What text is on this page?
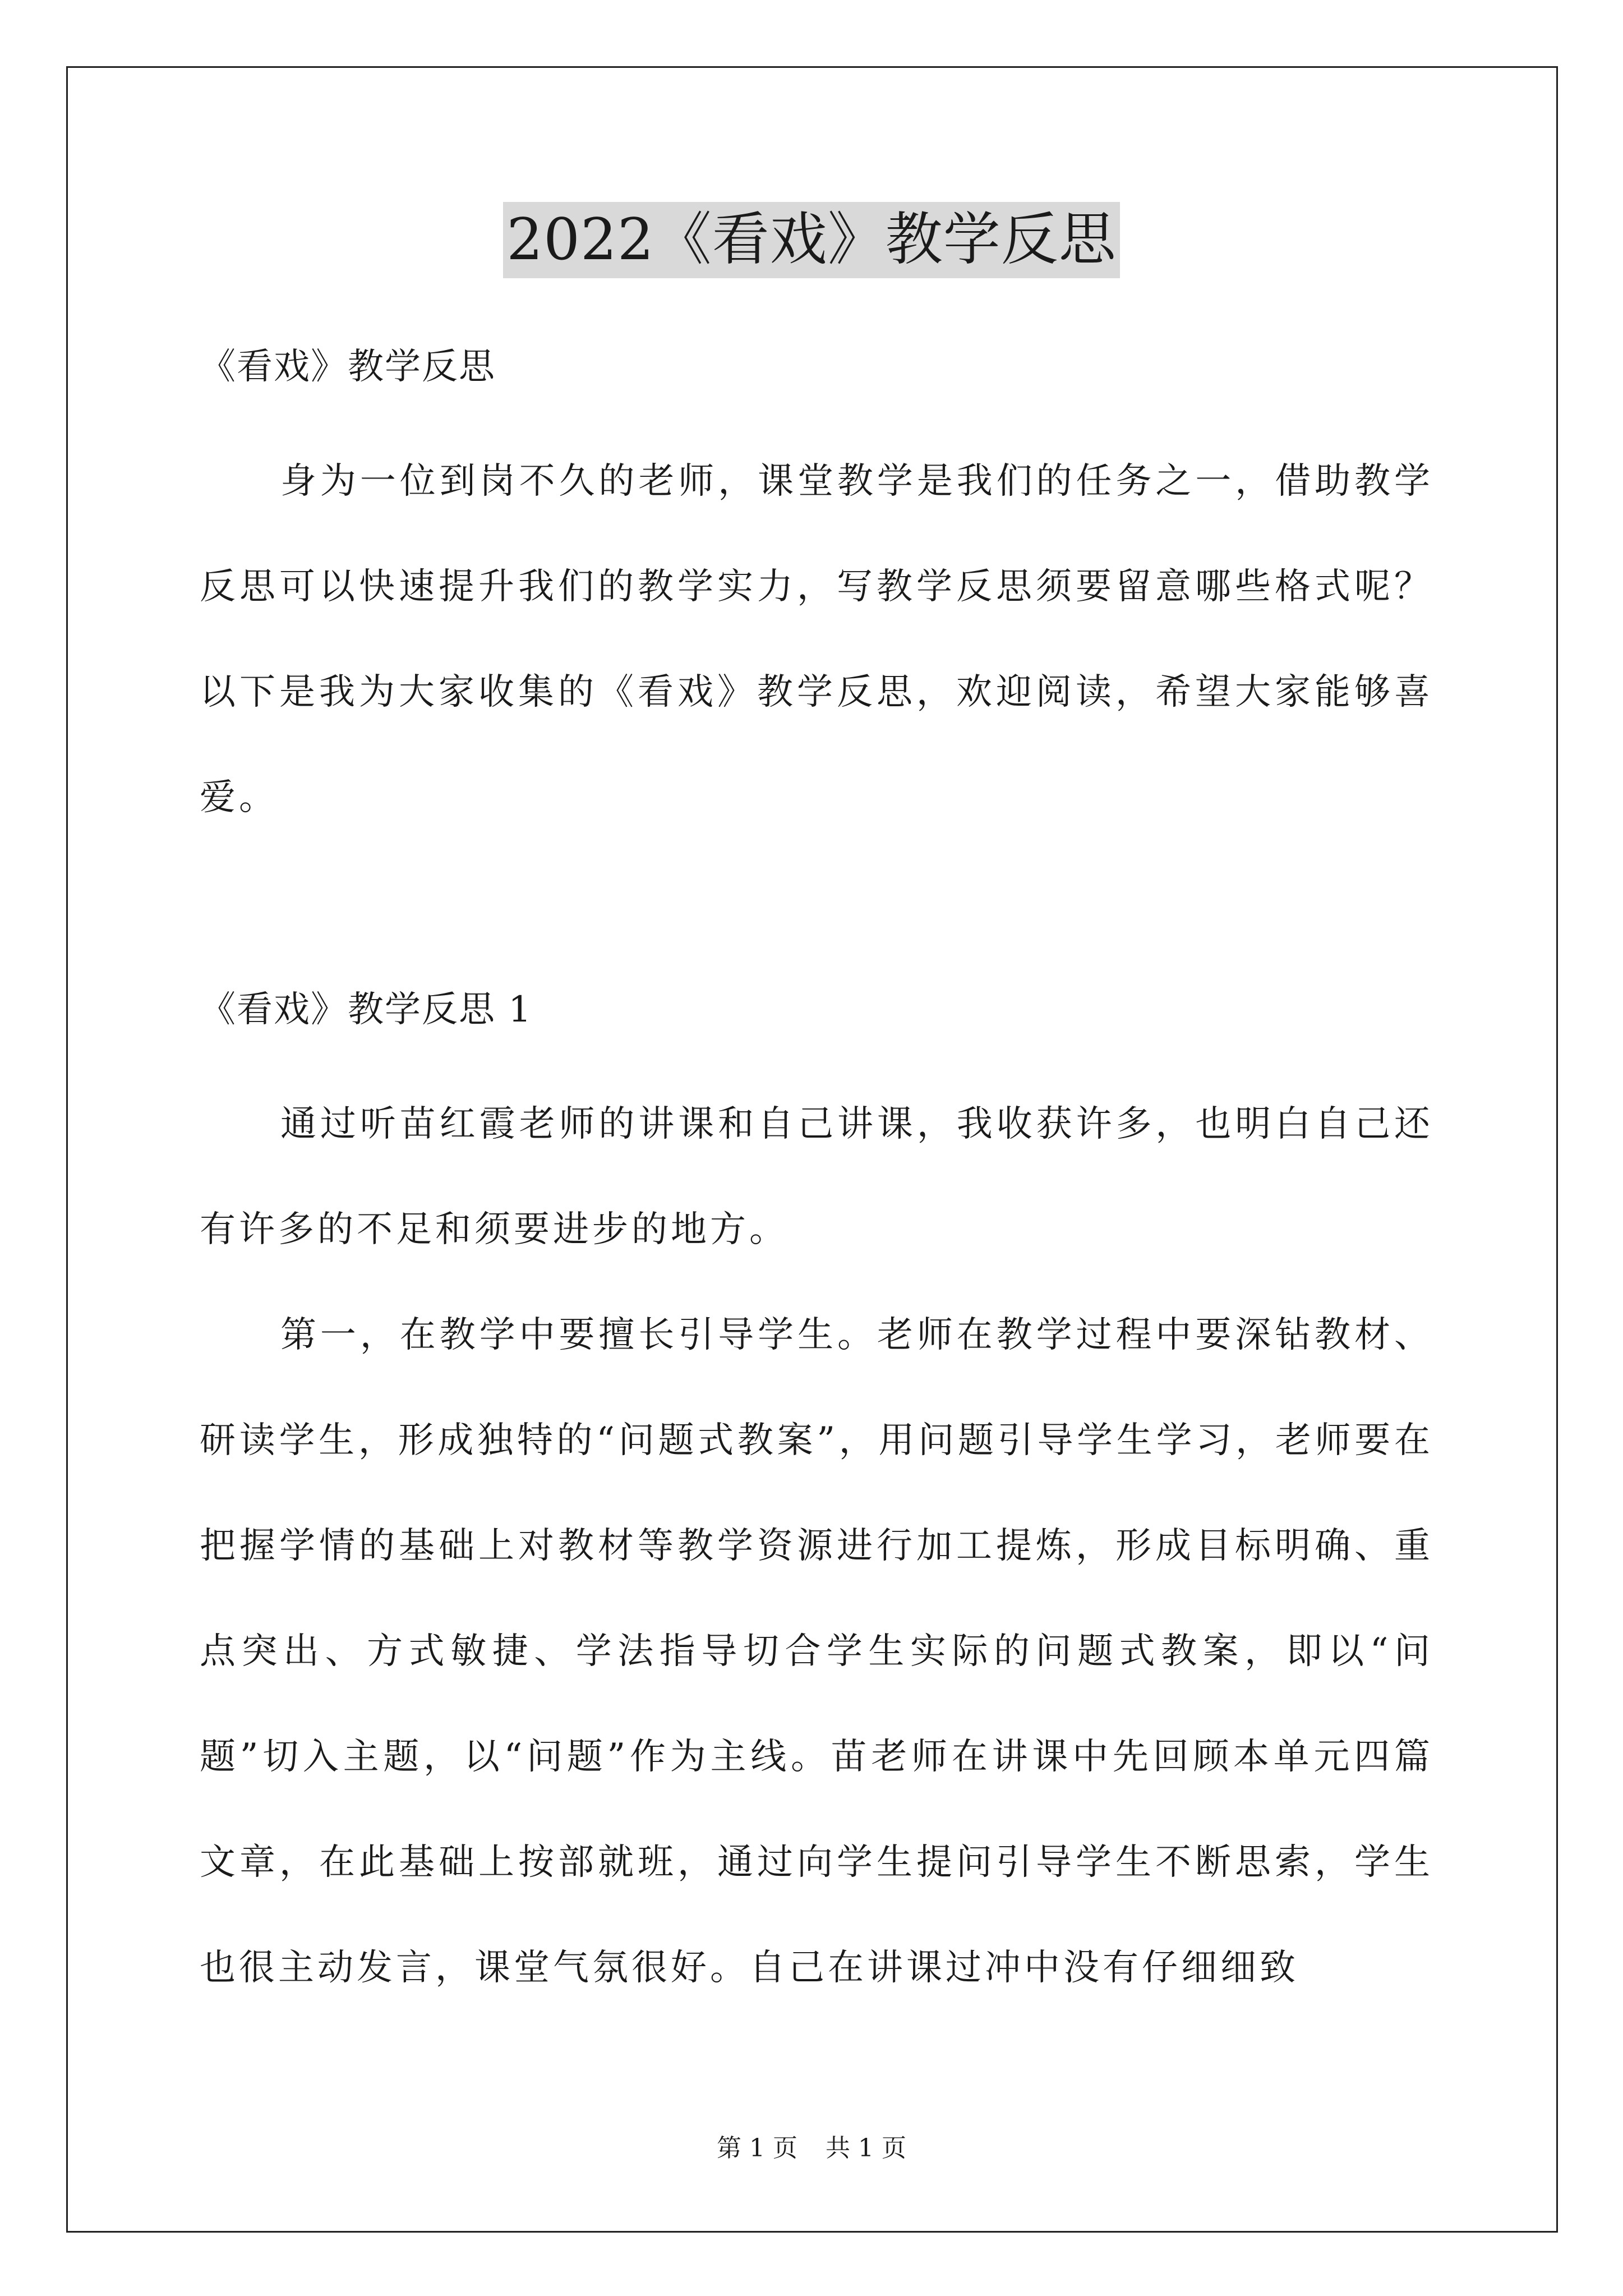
2022《看戏》教学反思

《看戏》教学反思

身为一位到岗不久的老师，课堂教学是我们的任务之一，借助教学反思可以快速提升我们的教学实力，写教学反思须要留意哪些格式呢？以下是我为大家收集的《看戏》教学反思，欢迎阅读，希望大家能够喜爱。

《看戏》教学反思 1

通过听苗红霞老师的讲课和自己讲课，我收获许多，也明白自己还有许多的不足和须要进步的地方。

第一，在教学中要擅长引导学生。老师在教学过程中要深钻教材、研读学生，形成独特的“问题式教案”，用问题引导学生学习，老师要在把握学情的基础上对教材等教学资源进行加工提炼，形成目标明确、重点突出、方式敏捷、学法指导切合学生实际的问题式教案，即以“问题”切入主题，以“问题”作为主线。苗老师在讲课中先回顾本单元四篇文章，在此基础上按部就班，通过向学生提问引导学生不断思索，学生也很主动发言，课堂气氛很好。自己在讲课过冲中没有仔细细致

第 1 页 共 1 页
